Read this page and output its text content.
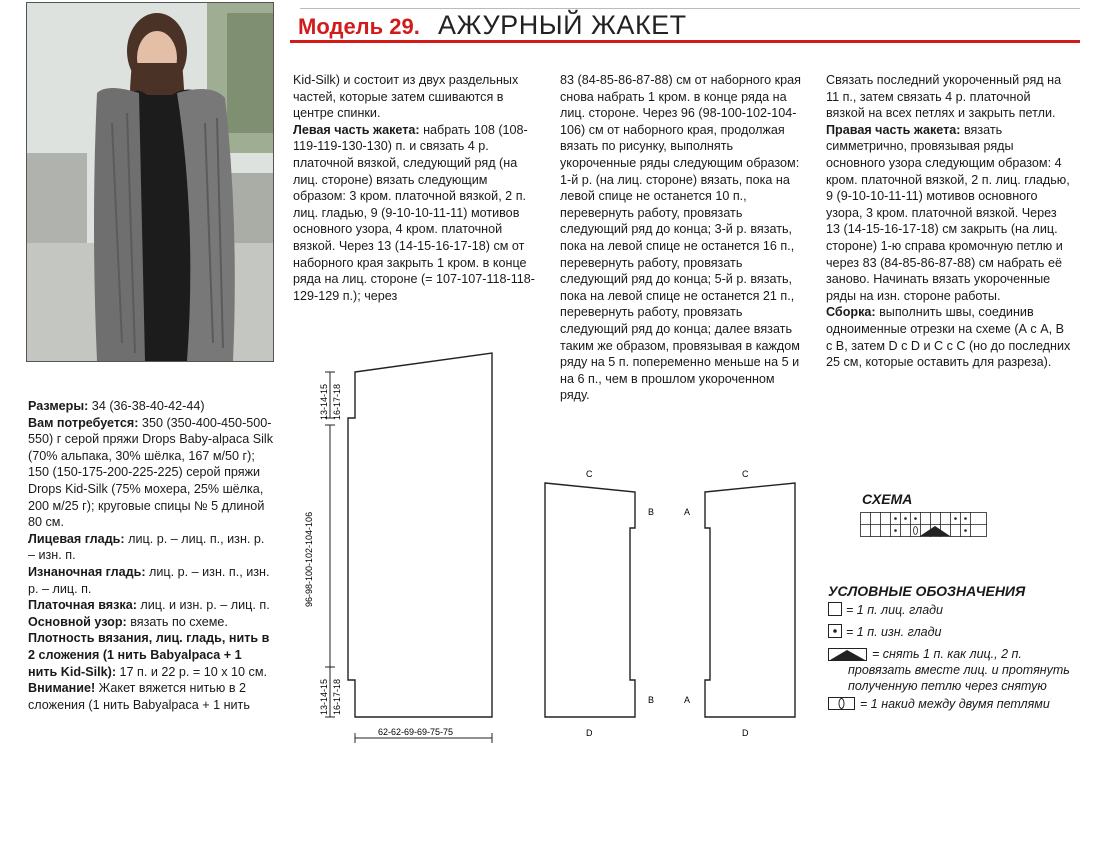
Модель 29. АЖУРНЫЙ ЖАКЕТ

Размеры: 34 (36-38-40-42-44)

Вам потребуется: 350 (350-400-450-500-550) г серой пряжи Drops Baby-alpaca Silk (70% альпака, 30% шёлка, 167 м/50 г); 150 (150-175-200-225-225) серой пряжи Drops Kid-Silk (75% мохера, 25% шёлка, 200 м/25 г); круговые спицы № 5 длиной 80 см.

Лицевая гладь: лиц. р. – лиц. п., изн. р. – изн. п.

Изнаночная гладь: лиц. р. – изн. п., изн. р. – лиц. п.

Платочная вязка: лиц. и изн. р. – лиц. п.

Основной узор: вязать по схеме.

Плотность вязания, лиц. гладь, нить в 2 сложения (1 нить Babyalpaca + 1 нить Kid-Silk): 17 п. и 22 р. = 10 х 10 см.

Внимание! Жакет вяжется нитью в 2 сложения (1 нить Babyalpaca + 1 нить

Kid-Silk) и состоит из двух раздельных частей, которые затем сшиваются в центре спинки.

Левая часть жакета: набрать 108 (108-119-119-130-130) п. и связать 4 р. платочной вязкой, следующий ряд (на лиц. стороне) вязать следующим образом: 3 кром. платочной вязкой, 2 п. лиц. гладью, 9 (9-10-10-11-11) мотивов основного узора, 4 кром. платочной вязкой. Через 13 (14-15-16-17-18) см от наборного края закрыть 1 кром. в конце ряда на лиц. стороне (= 107-107-118-118-129-129 п.); через

83 (84-85-86-87-88) см от наборного края снова набрать 1 кром. в конце ряда на лиц. стороне. Через 96 (98-100-102-104-106) см от наборного края, продолжая вязать по рисунку, выполнять укороченные ряды следующим образом: 1-й р. (на лиц. стороне) вязать, пока на левой спице не останется 10 п., перевернуть работу, провязать следующий ряд до конца; 3-й р. вязать, пока на левой спице не останется 16 п., перевернуть работу, провязать следующий ряд до конца; 5-й р. вязать, пока на левой спице не останется 21 п., перевернуть работу, провязать следующий ряд до конца; далее вязать таким же образом, провязывая в каждом ряду на 5 п. попеременно меньше на 5 и на 6 п., чем в прошлом укороченном ряду.

Связать последний укороченный ряд на 11 п., затем связать 4 р. платочной вязкой на всех петлях и закрыть петли.

Правая часть жакета: вязать симметрично, провязывая ряды основного узора следующим образом: 4 кром. платочной вязкой, 2 п. лиц. гладью, 9 (9-10-10-11-11) мотивов основного узора, 3 кром. платочной вязкой. Через 13 (14-15-16-17-18) см закрыть (на лиц. стороне) 1-ю справа кромочную петлю и через 83 (84-85-86-87-88) см набрать её заново. Начинать вязать укороченные ряды на изн. стороне работы.

Сборка: выполнить швы, соединив одноименные отрезки на схеме (А с А, В с В, затем D с D и С с С (но до последних 25 см, которые оставить для разреза).

13-14-15 16-17-18
96-98-100-102-104-106
13-14-15 16-17-18
62-62-69-69-75-75
C	C
B	A
B	A
D	D
СХЕМА
УСЛОВНЫЕ ОБОЗНАЧЕНИЯ
= 1 п. лиц. глади
= 1 п. изн. глади
= снять 1 п. как лиц., 2 п.
провязать вместе лиц. и протянуть
полученную петлю через снятую
= 1 накид между двумя петлями
